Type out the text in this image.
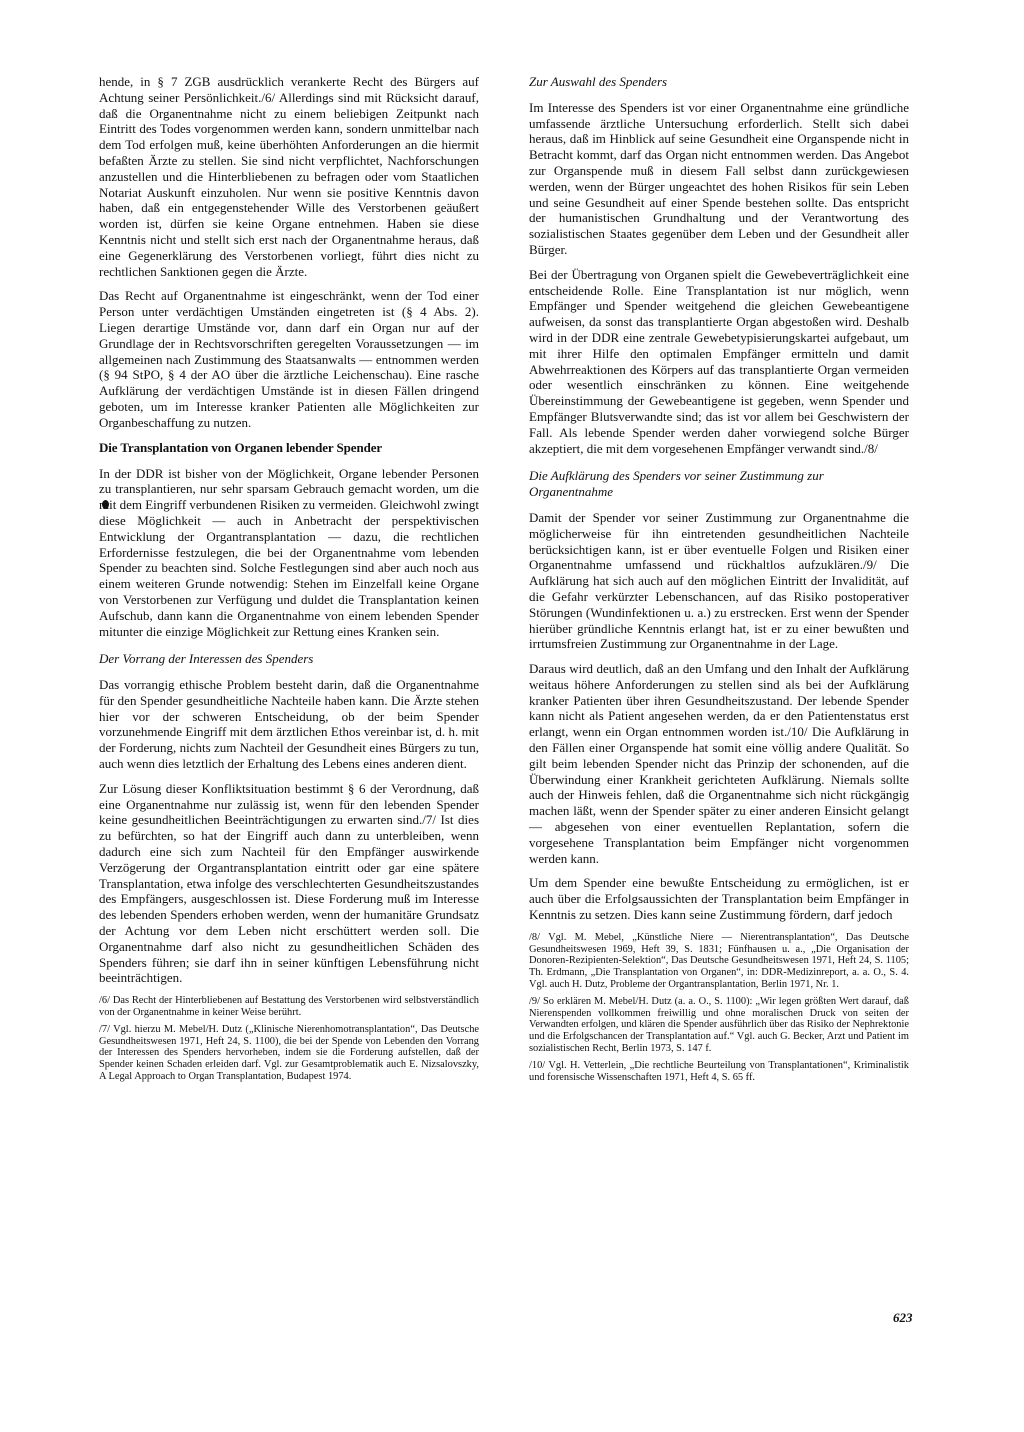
hende, in § 7 ZGB ausdrücklich verankerte Recht des Bürgers auf Achtung seiner Persönlichkeit./6/ Allerdings sind mit Rücksicht darauf, daß die Organentnahme nicht zu einem beliebigen Zeitpunkt nach Eintritt des Todes vorgenommen werden kann, sondern unmittelbar nach dem Tod erfolgen muß, keine überhöhten Anforderungen an die hiermit befaßten Ärzte zu stellen. Sie sind nicht verpflichtet, Nachforschungen anzustellen und die Hinterbliebenen zu befragen oder vom Staatlichen Notariat Auskunft einzuholen. Nur wenn sie positive Kenntnis davon haben, daß ein entgegenstehender Wille des Verstorbenen geäußert worden ist, dürfen sie keine Organe entnehmen. Haben sie diese Kenntnis nicht und stellt sich erst nach der Organentnahme heraus, daß eine Gegenerklärung des Verstorbenen vorliegt, führt dies nicht zu rechtlichen Sanktionen gegen die Ärzte.

Das Recht auf Organentnahme ist eingeschränkt, wenn der Tod einer Person unter verdächtigen Umständen eingetreten ist (§ 4 Abs. 2). Liegen derartige Umstände vor, dann darf ein Organ nur auf der Grundlage der in Rechtsvorschriften geregelten Voraussetzungen — im allgemeinen nach Zustimmung des Staatsanwalts — entnommen werden (§ 94 StPO, § 4 der AO über die ärztliche Leichenschau). Eine rasche Aufklärung der verdächtigen Umstände ist in diesen Fällen dringend geboten, um im Interesse kranker Patienten alle Möglichkeiten zur Organbeschaffung zu nutzen.

Die Transplantation von Organen lebender Spender

In der DDR ist bisher von der Möglichkeit, Organe lebender Personen zu transplantieren, nur sehr sparsam Gebrauch gemacht worden, um die mit dem Eingriff verbundenen Risiken zu vermeiden. Gleichwohl zwingt diese Möglichkeit — auch in Anbetracht der perspektivischen Entwicklung der Organtransplantation — dazu, die rechtlichen Erfordernisse festzulegen, die bei der Organentnahme vom lebenden Spender zu beachten sind. Solche Festlegungen sind aber auch noch aus einem weiteren Grunde notwendig: Stehen im Einzelfall keine Organe von Verstorbenen zur Verfügung und duldet die Transplantation keinen Aufschub, dann kann die Organentnahme von einem lebenden Spender mitunter die einzige Möglichkeit zur Rettung eines Kranken sein.

Der Vorrang der Interessen des Spenders

Das vorrangig ethische Problem besteht darin, daß die Organentnahme für den Spender gesundheitliche Nachteile haben kann. Die Ärzte stehen hier vor der schweren Entscheidung, ob der beim Spender vorzunehmende Eingriff mit dem ärztlichen Ethos vereinbar ist, d. h. mit der Forderung, nichts zum Nachteil der Gesundheit eines Bürgers zu tun, auch wenn dies letztlich der Erhaltung des Lebens eines anderen dient.

Zur Lösung dieser Konfliktsituation bestimmt § 6 der Verordnung, daß eine Organentnahme nur zulässig ist, wenn für den lebenden Spender keine gesundheitlichen Beeinträchtigungen zu erwarten sind./7/ Ist dies zu befürchten, so hat der Eingriff auch dann zu unterbleiben, wenn dadurch eine sich zum Nachteil für den Empfänger auswirkende Verzögerung der Organtransplantation eintritt oder gar eine spätere Transplantation, etwa infolge des verschlechterten Gesundheitszustandes des Empfängers, ausgeschlossen ist. Diese Forderung muß im Interesse des lebenden Spenders erhoben werden, wenn der humanitäre Grundsatz der Achtung vor dem Leben nicht erschüttert werden soll. Die Organentnahme darf also nicht zu gesundheitlichen Schäden des Spenders führen; sie darf ihn in seiner künftigen Lebensführung nicht beeinträchtigen.

/6/ Das Recht der Hinterbliebenen auf Bestattung des Verstorbenen wird selbstverständlich von der Organentnahme in keiner Weise berührt.

/7/ Vgl. hierzu M. Mebel/H. Dutz („Klinische Nierenhomotransplantation“, Das Deutsche Gesundheitswesen 1971, Heft 24, S. 1100), die bei der Spende von Lebenden den Vorrang der Interessen des Spenders hervorheben, indem sie die Forderung aufstellen, daß der Spender keinen Schaden erleiden darf. Vgl. zur Gesamtproblematik auch E. Nizsalovszky, A Legal Approach to Organ Transplantation, Budapest 1974.

Zur Auswahl des Spenders

Im Interesse des Spenders ist vor einer Organentnahme eine gründliche umfassende ärztliche Untersuchung erforderlich. Stellt sich dabei heraus, daß im Hinblick auf seine Gesundheit eine Organspende nicht in Betracht kommt, darf das Organ nicht entnommen werden. Das Angebot zur Organspende muß in diesem Fall selbst dann zurückgewiesen werden, wenn der Bürger ungeachtet des hohen Risikos für sein Leben und seine Gesundheit auf einer Spende bestehen sollte. Das entspricht der humanistischen Grundhaltung und der Verantwortung des sozialistischen Staates gegenüber dem Leben und der Gesundheit aller Bürger.

Bei der Übertragung von Organen spielt die Gewebeverträglichkeit eine entscheidende Rolle. Eine Transplantation ist nur möglich, wenn Empfänger und Spender weitgehend die gleichen Gewebeantigene aufweisen, da sonst das transplantierte Organ abgestoßen wird. Deshalb wird in der DDR eine zentrale Gewebetypisierungskartei aufgebaut, um mit ihrer Hilfe den optimalen Empfänger ermitteln und damit Abwehrreaktionen des Körpers auf das transplantierte Organ vermeiden oder wesentlich einschränken zu können. Eine weitgehende Übereinstimmung der Gewebeantigene ist gegeben, wenn Spender und Empfänger Blutsverwandte sind; das ist vor allem bei Geschwistern der Fall. Als lebende Spender werden daher vorwiegend solche Bürger akzeptiert, die mit dem vorgesehenen Empfänger verwandt sind./8/

Die Aufklärung des Spenders vor seiner Zustimmung zur Organentnahme

Damit der Spender vor seiner Zustimmung zur Organentnahme die möglicherweise für ihn eintretenden gesundheitlichen Nachteile berücksichtigen kann, ist er über eventuelle Folgen und Risiken einer Organentnahme umfassend und rückhaltlos aufzuklären./9/ Die Aufklärung hat sich auch auf den möglichen Eintritt der Invalidität, auf die Gefahr verkürzter Lebenschancen, auf das Risiko postoperativer Störungen (Wundinfektionen u. a.) zu erstrecken. Erst wenn der Spender hierüber gründliche Kenntnis erlangt hat, ist er zu einer bewußten und irrtumsfreien Zustimmung zur Organentnahme in der Lage.

Daraus wird deutlich, daß an den Umfang und den Inhalt der Aufklärung weitaus höhere Anforderungen zu stellen sind als bei der Aufklärung kranker Patienten über ihren Gesundheitszustand. Der lebende Spender kann nicht als Patient angesehen werden, da er den Patientenstatus erst erlangt, wenn ein Organ entnommen worden ist./10/ Die Aufklärung in den Fällen einer Organspende hat somit eine völlig andere Qualität. So gilt beim lebenden Spender nicht das Prinzip der schonenden, auf die Überwindung einer Krankheit gerichteten Aufklärung. Niemals sollte auch der Hinweis fehlen, daß die Organentnahme sich nicht rückgängig machen läßt, wenn der Spender später zu einer anderen Einsicht gelangt — abgesehen von einer eventuellen Replantation, sofern die vorgesehene Transplantation beim Empfänger nicht vorgenommen werden kann.

Um dem Spender eine bewußte Entscheidung zu ermöglichen, ist er auch über die Erfolgsaussichten der Transplantation beim Empfänger in Kenntnis zu setzen. Dies kann seine Zustimmung fördern, darf jedoch

/8/ Vgl. M. Mebel, „Künstliche Niere — Nierentransplantation“, Das Deutsche Gesundheitswesen 1969, Heft 39, S. 1831; Fünfhausen u. a., „Die Organisation der Donoren-Rezipienten-Selektion“, Das Deutsche Gesundheitswesen 1971, Heft 24, S. 1105; Th. Erdmann, „Die Transplantation von Organen“, in: DDR-Medizinreport, a. a. O., S. 4. Vgl. auch H. Dutz, Probleme der Organtransplantation, Berlin 1971, Nr. 1.

/9/ So erklären M. Mebel/H. Dutz (a. a. O., S. 1100): „Wir legen größten Wert darauf, daß Nierenspenden vollkommen freiwillig und ohne moralischen Druck von seiten der Verwandten erfolgen, und klären die Spender ausführlich über das Risiko der Nephrektonie und die Erfolgschancen der Transplantation auf.“ Vgl. auch G. Becker, Arzt und Patient im sozialistischen Recht, Berlin 1973, S. 147 f.

/10/ Vgl. H. Vetterlein, „Die rechtliche Beurteilung von Transplantationen“, Kriminalistik und forensische Wissenschaften 1971, Heft 4, S. 65 ff.

623
